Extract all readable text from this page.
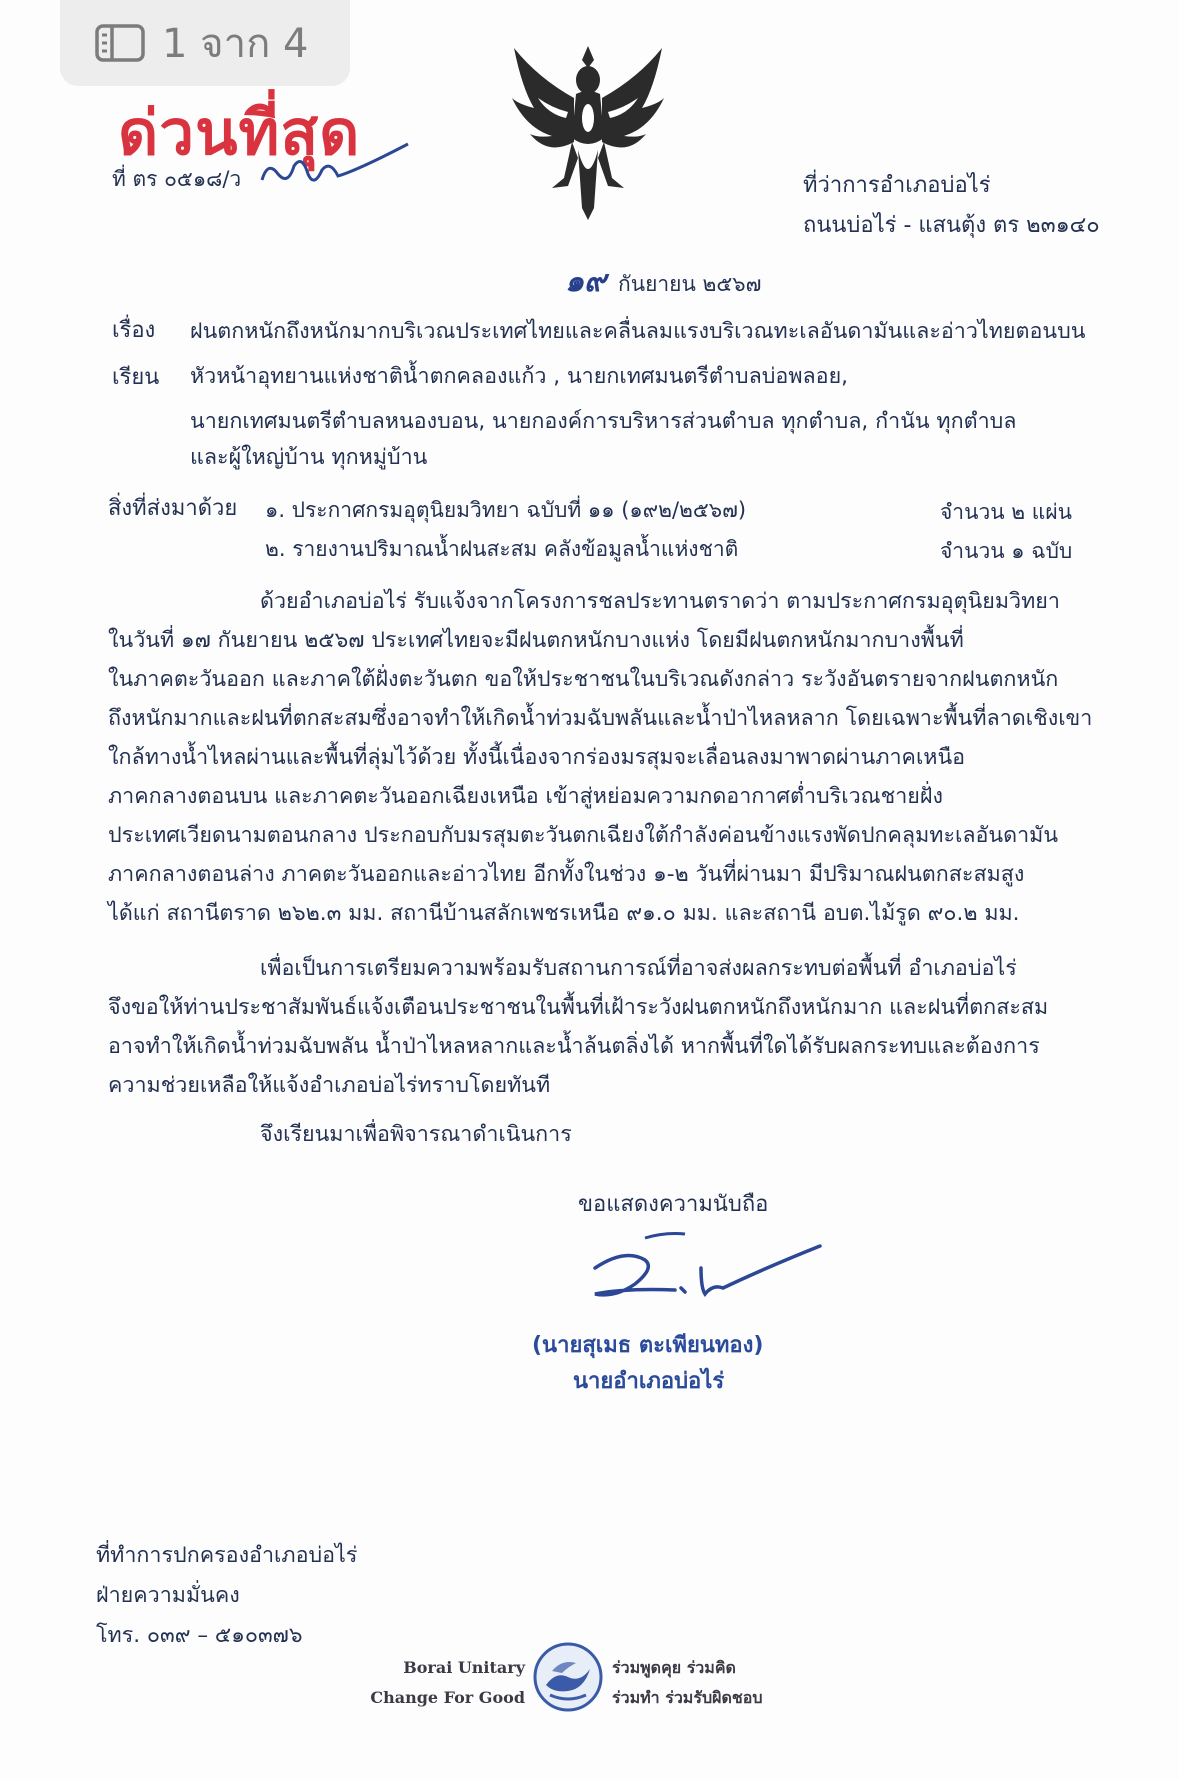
1 จาก 4
ด่วนที่สุด
ที่ ตร ๐๕๑๘/ว	ที่ว่าการอำเภอบ่อไร่
ถนนบ่อไร่ - แสนตุ้ง ตร ๒๓๑๔๐
๑๙ กันยายน ๒๕๖๗
เรื่อง ฝนตกหนักถึงหนักมากบริเวณประเทศไทยและคลื่นลมแรงบริเวณทะเลอันดามันและอ่าวไทยตอนบน
เรียน หัวหน้าอุทยานแห่งชาติน้ำตกคลองแก้ว , นายกเทศมนตรีตำบลบ่อพลอย,
นายกเทศมนตรีตำบลหนองบอน, นายกองค์การบริหารส่วนตำบล ทุกตำบล, กำนัน ทุกตำบล
และผู้ใหญ่บ้าน ทุกหมู่บ้าน
สิ่งที่ส่งมาด้วย ๑. ประกาศกรมอุตุนิยมวิทยา ฉบับที่ ๑๑ (๑๙๒/๒๕๖๗)	จำนวน ๒ แผ่น
๒. รายงานปริมาณน้ำฝนสะสม คลังข้อมูลน้ำแห่งชาติ	จำนวน ๑ ฉบับ
ด้วยอำเภอบ่อไร่ รับแจ้งจากโครงการชลประทานตราดว่า ตามประกาศกรมอุตุนิยมวิทยา
ในวันที่ ๑๗ กันยายน ๒๕๖๗ ประเทศไทยจะมีฝนตกหนักบางแห่ง โดยมีฝนตกหนักมากบางพื้นที่
ในภาคตะวันออก และภาคใต้ฝั่งตะวันตก ขอให้ประชาชนในบริเวณดังกล่าว ระวังอันตรายจากฝนตกหนัก
ถึงหนักมากและฝนที่ตกสะสมซึ่งอาจทำให้เกิดน้ำท่วมฉับพลันและน้ำป่าไหลหลาก โดยเฉพาะพื้นที่ลาดเชิงเขา
ใกล้ทางน้ำไหลผ่านและพื้นที่ลุ่มไว้ด้วย ทั้งนี้เนื่องจากร่องมรสุมจะเลื่อนลงมาพาดผ่านภาคเหนือ
ภาคกลางตอนบน และภาคตะวันออกเฉียงเหนือ เข้าสู่หย่อมความกดอากาศต่ำบริเวณชายฝั่ง
ประเทศเวียดนามตอนกลาง ประกอบกับมรสุมตะวันตกเฉียงใต้กำลังค่อนข้างแรงพัดปกคลุมทะเลอันดามัน
ภาคกลางตอนล่าง ภาคตะวันออกและอ่าวไทย อีกทั้งในช่วง ๑-๒ วันที่ผ่านมา มีปริมาณฝนตกสะสมสูง
ได้แก่ สถานีตราด ๒๖๒.๓ มม. สถานีบ้านสลักเพชรเหนือ ๙๑.๐ มม. และสถานี อบต.ไม้รูด ๙๐.๒ มม.
เพื่อเป็นการเตรียมความพร้อมรับสถานการณ์ที่อาจส่งผลกระทบต่อพื้นที่ อำเภอบ่อไร่
จึงขอให้ท่านประชาสัมพันธ์แจ้งเตือนประชาชนในพื้นที่เฝ้าระวังฝนตกหนักถึงหนักมาก และฝนที่ตกสะสม
อาจทำให้เกิดน้ำท่วมฉับพลัน น้ำป่าไหลหลากและน้ำล้นตลิ่งได้ หากพื้นที่ใดได้รับผลกระทบและต้องการ
ความช่วยเหลือให้แจ้งอำเภอบ่อไร่ทราบโดยทันที
จึงเรียนมาเพื่อพิจารณาดำเนินการ
ขอแสดงความนับถือ
(นายสุเมธ ตะเพียนทอง)
นายอำเภอบ่อไร่
ที่ทำการปกครองอำเภอบ่อไร่
ฝ่ายความมั่นคง
โทร. ๐๓๙ – ๕๑๐๓๗๖
Borai Unitary
Change For Good
ร่วมพูดคุย ร่วมคิด
ร่วมทำ ร่วมรับผิดชอบ
